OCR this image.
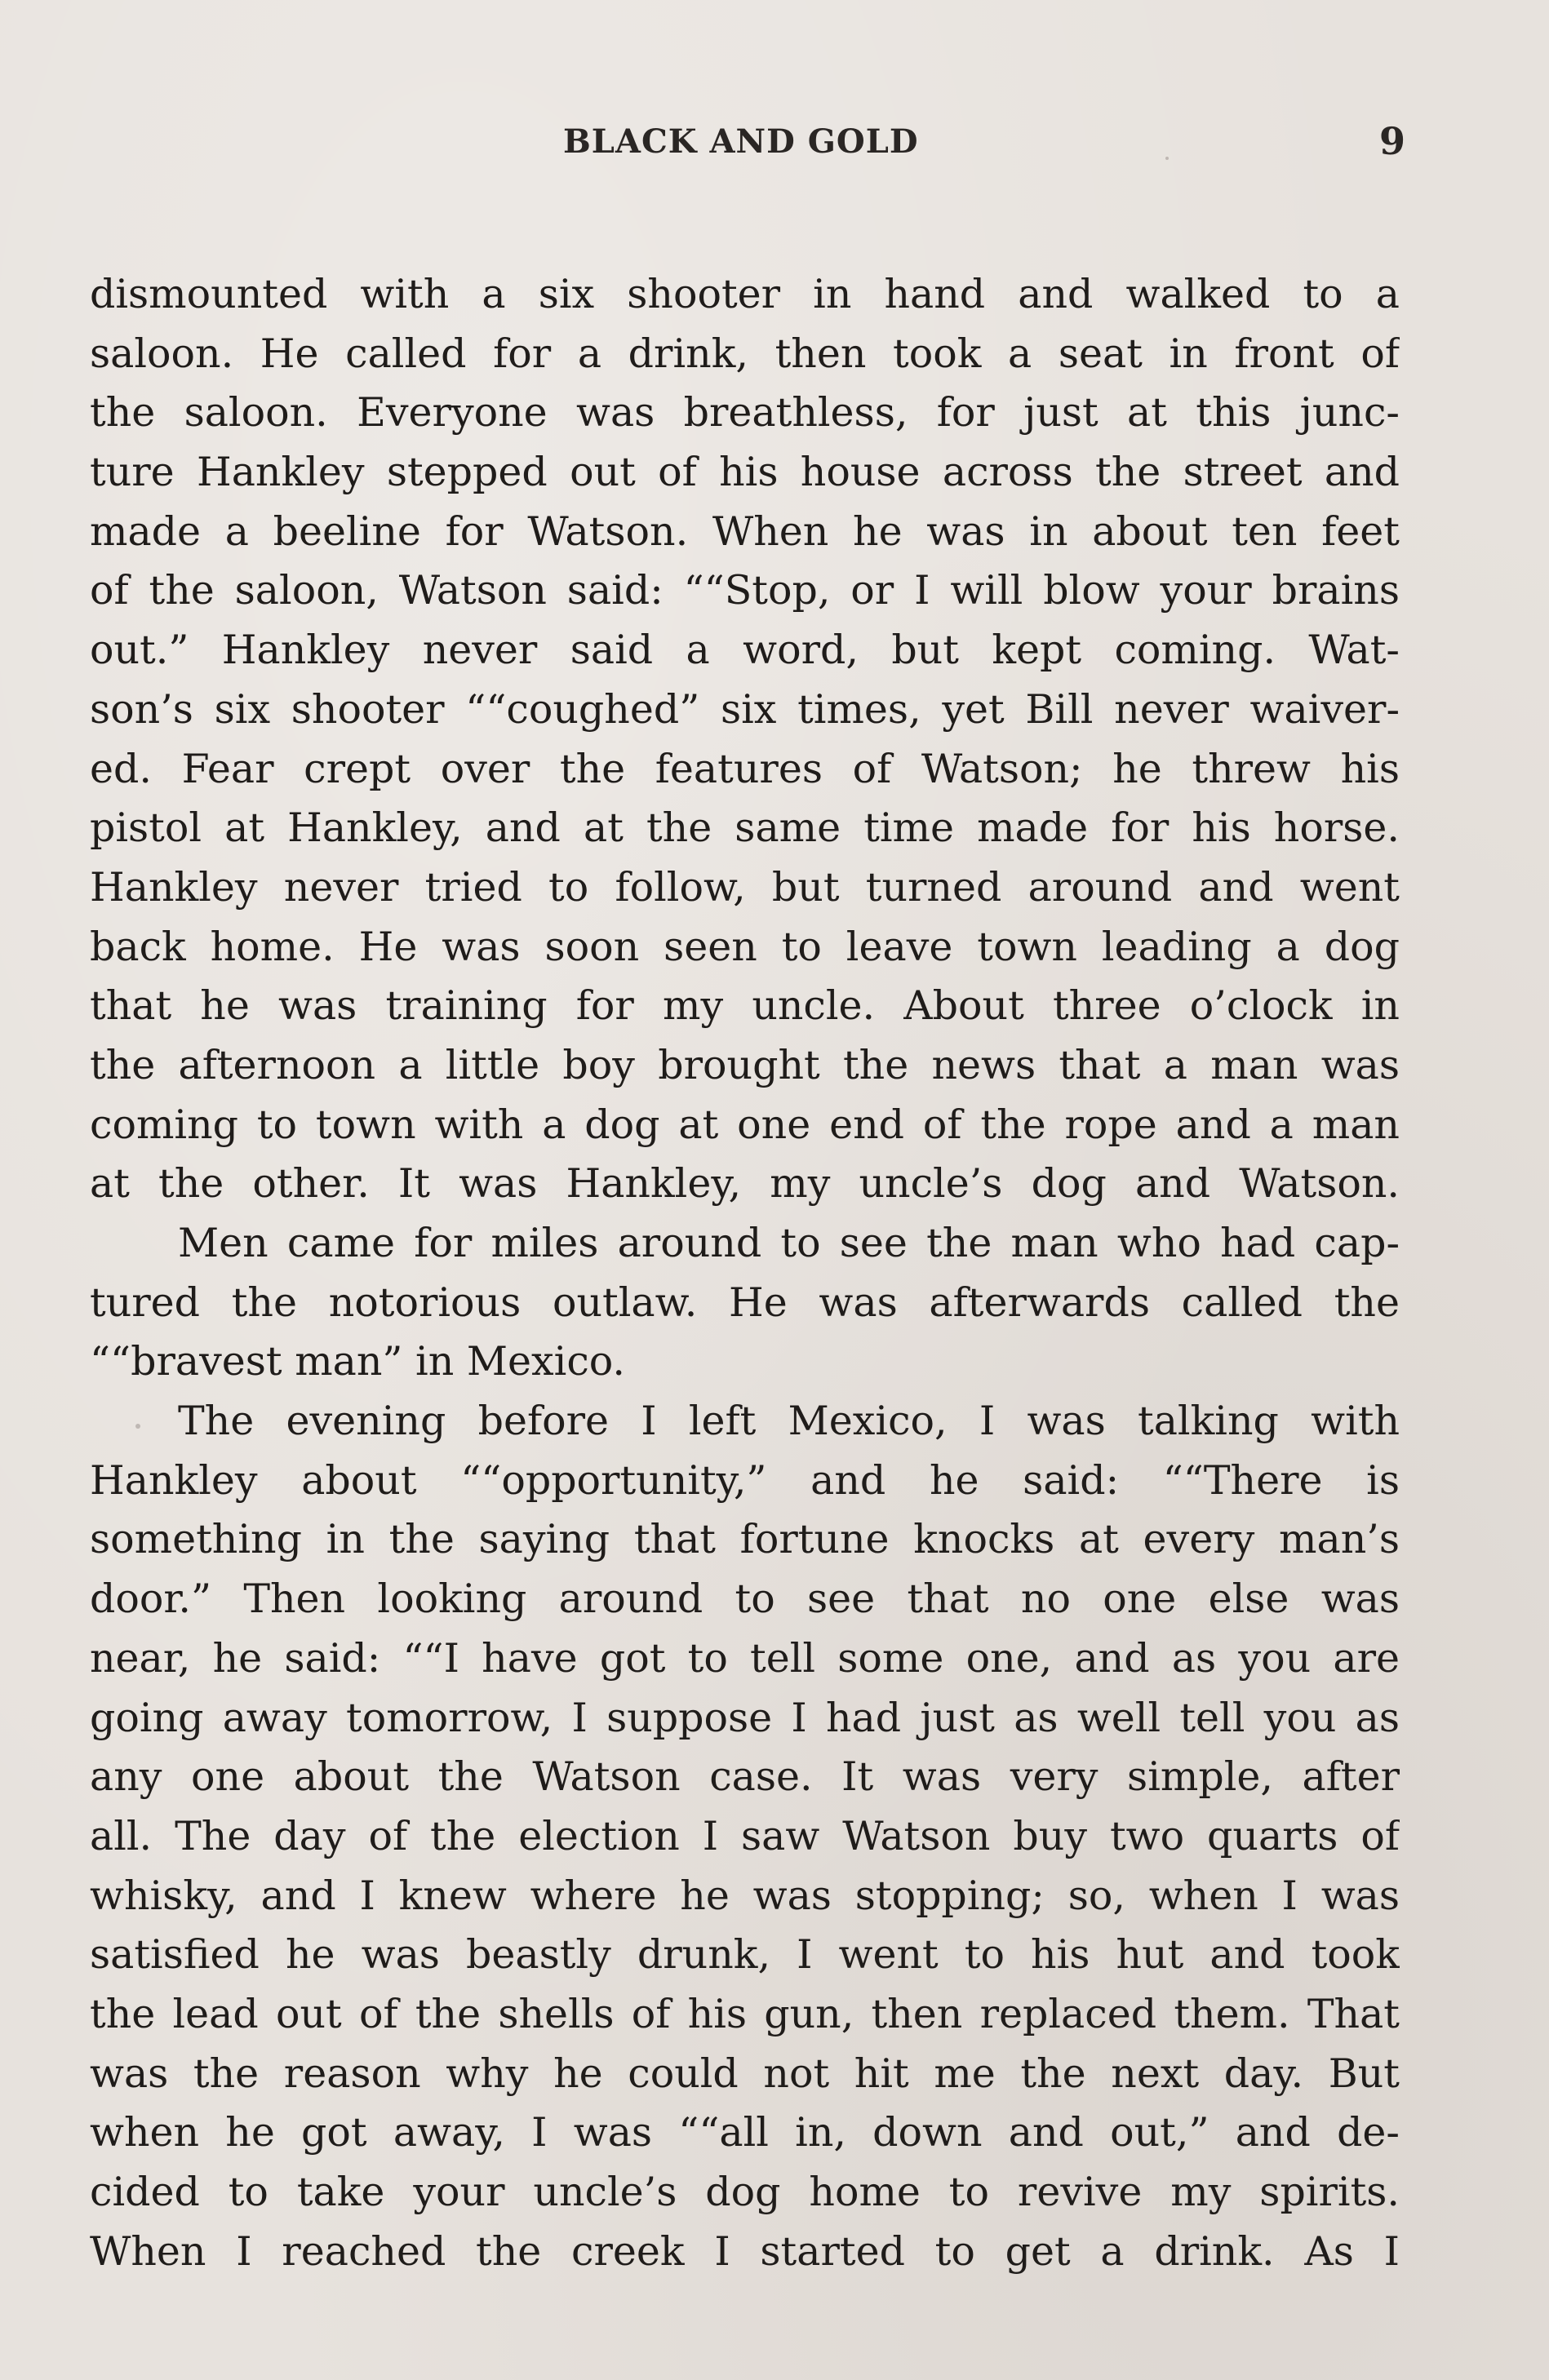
BLACK AND GOLD	9
dismounted with a six shooter in hand and walked to a
saloon. He called for a drink, then took a seat in front of
the saloon. Everyone was breathless, for just at this junc-
ture Hankley stepped out of his house across the street and
made a beeline for Watson. When he was in about ten feet
of the saloon, Watson said: ““Stop, or I will blow your brains
out.” Hankley never said a word, but kept coming. Wat-
son’s six shooter ““coughed” six times, yet Bill never waiver-
ed. Fear crept over the features of Watson; he threw his
pistol at Hankley, and at the same time made for his horse.
Hankley never tried to follow, but turned around and went
back home. He was soon seen to leave town leading a dog
that he was training for my uncle. About three o’clock in
the afternoon a little boy brought the news that a man was
coming to town with a dog at one end of the rope and a man
at the other. It was Hankley, my uncle’s dog and Watson.
Men came for miles around to see the man who had cap-
tured the notorious outlaw. He was afterwards called the
““bravest man” in Mexico.
The evening before I left Mexico, I was talking with
Hankley about ““opportunity,” and he said: ““There is
something in the saying that fortune knocks at every man’s
door.” Then looking around to see that no one else was
near, he said: ““I have got to tell some one, and as you are
going away tomorrow, I suppose I had just as well tell you as
any one about the Watson case. It was very simple, after
all. The day of the election I saw Watson buy two quarts of
whisky, and I knew where he was stopping; so, when I was
satisfied he was beastly drunk, I went to his hut and took
the lead out of the shells of his gun, then replaced them. That
was the reason why he could not hit me the next day. But
when he got away, I was ““all in, down and out,” and de-
cided to take your uncle’s dog home to revive my spirits.
When I reached the creek I started to get a drink. As I
